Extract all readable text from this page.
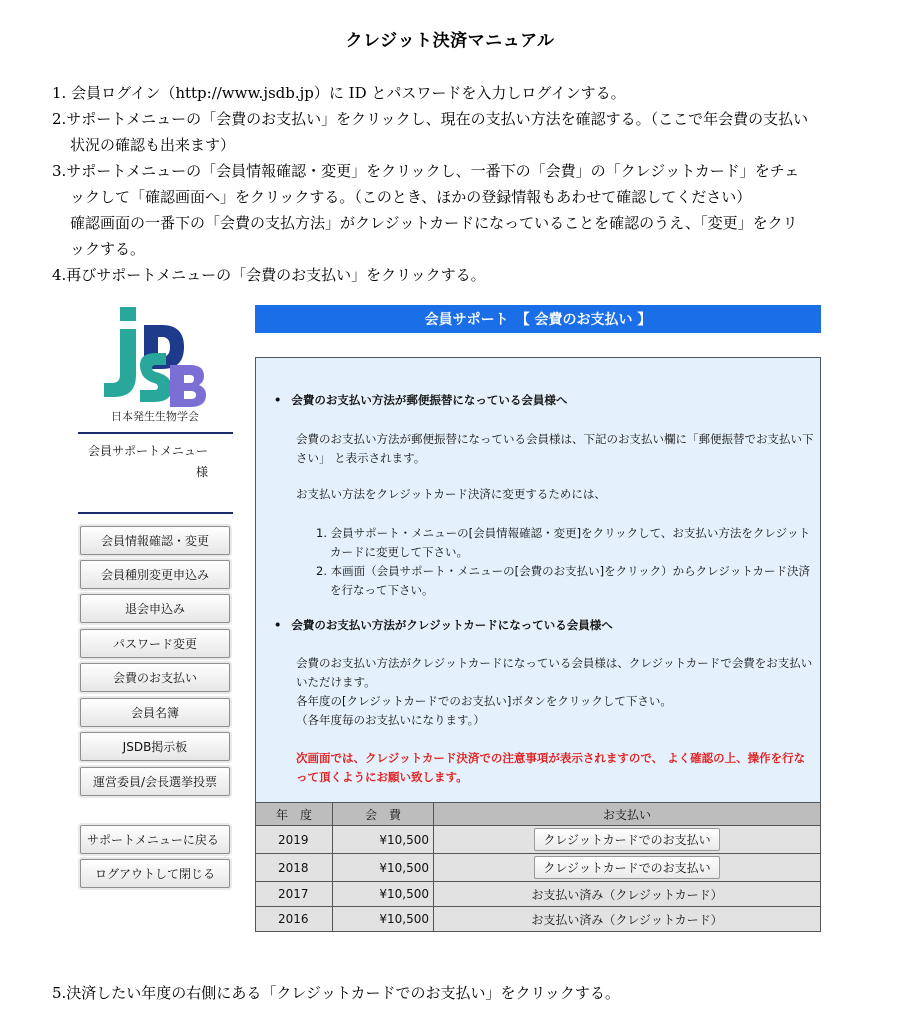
クレジット決済マニュアル

1. 会員ログイン（http://www.jsdb.jp）に ID とパスワードを入力しログインする。

2.サポートメニューの「会費のお支払い」をクリックし、現在の支払い方法を確認する。（ここで年会費の支払い

状況の確認も出来ます）

3.サポートメニューの「会員情報確認・変更」をクリックし、一番下の「会費」の「クレジットカード」をチェ

ックして「確認画面へ」をクリックする。（このとき、ほかの登録情報もあわせて確認してください）

確認画面の一番下の「会費の支払方法」がクレジットカードになっていることを確認のうえ、「変更」をクリ

ックする。

4.再びサポートメニューの「会費のお支払い」をクリックする。

日本発生生物学会
会員サポートメニュー
様
会員情報確認・変更
会員種別変更申込み
退会申込み
パスワード変更
会費のお支払い
会員名簿
JSDB掲示板
運営委員/会長選挙投票
サポートメニューに戻る
ログアウトして閉じる
会員サポート　【 会費のお支払い 】
• 会費のお支払い方法が郵便振替になっている会員様へ
会費のお支払い方法が郵便振替になっている会員様は、下記のお支払い欄に「郵便振替でお支払い下さい」 と表示されます。
お支払い方法をクレジットカード決済に変更するためには、
1. 会員サポート・メニューの[会員情報確認・変更]をクリックして、お支払い方法をクレジットカードに変更して下さい。
2. 本画面（会員サポート・メニューの[会費のお支払い]をクリック）からクレジットカード決済を行なって下さい。
• 会費のお支払い方法がクレジットカードになっている会員様へ
会費のお支払い方法がクレジットカードになっている会員様は、クレジットカードで会費をお支払いいただけます。
各年度の[クレジットカードでのお支払い]ボタンをクリックして下さい。
（各年度毎のお支払いになります。）
次画面では、クレジットカード決済での注意事項が表示されますので、 よく確認の上、操作を行なって頂くようにお願い致します。
年　度	会　費	お支払い
2019	¥10,500	クレジットカードでのお支払い
2018	¥10,500	クレジットカードでのお支払い
2017	¥10,500	お支払い済み（クレジットカード）
2016	¥10,500	お支払い済み（クレジットカード）
5.決済したい年度の右側にある「クレジットカードでのお支払い」をクリックする。
